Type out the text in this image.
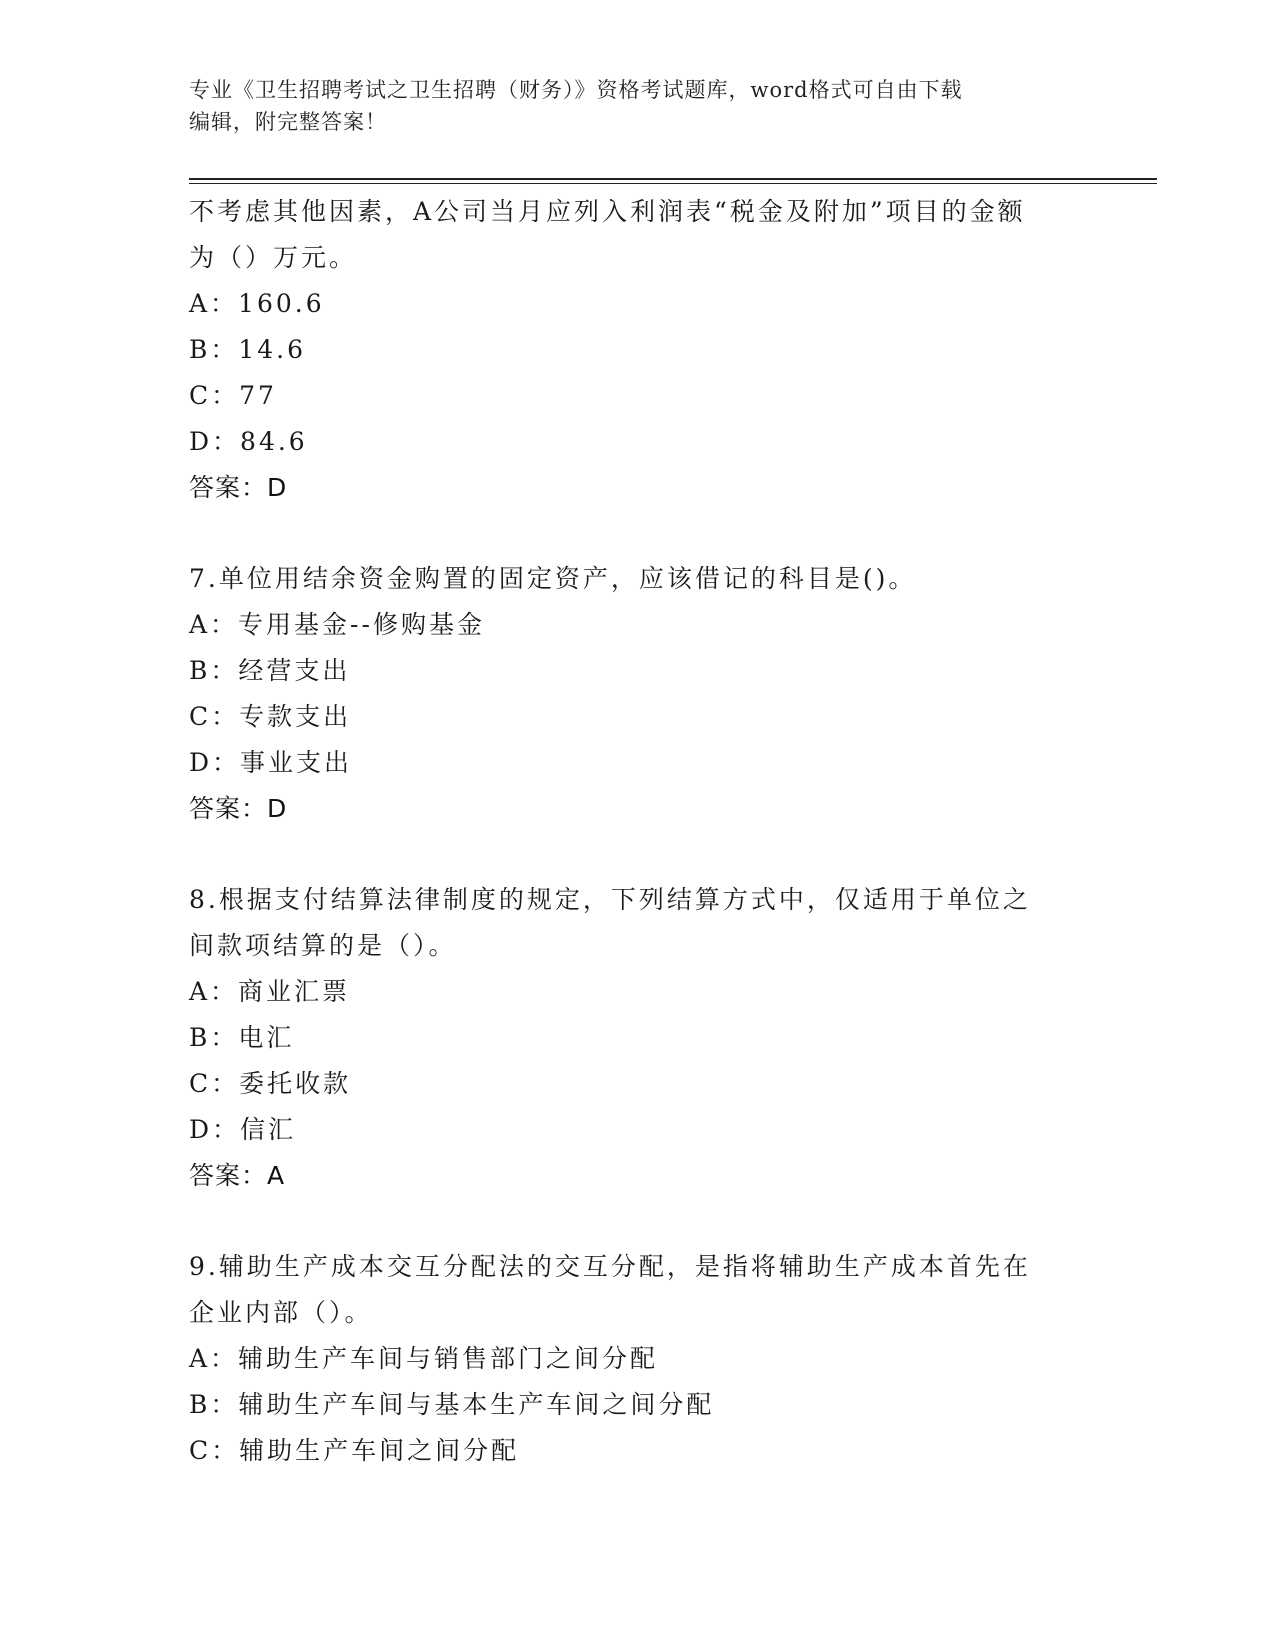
专业《卫生招聘考试之卫生招聘（财务）》资格考试题库，word格式可自由下载
编辑，附完整答案！
不考虑其他因素，A公司当月应列入利润表“税金及附加”项目的金额
为（）万元。
A：160.6
B：14.6
C：77
D：84.6
答案：D
7.单位用结余资金购置的固定资产，应该借记的科目是()。
A：专用基金--修购基金
B：经营支出
C：专款支出
D：事业支出
答案：D
8.根据支付结算法律制度的规定，下列结算方式中，仅适用于单位之
间款项结算的是（）。
A：商业汇票
B：电汇
C：委托收款
D：信汇
答案：A
9.辅助生产成本交互分配法的交互分配，是指将辅助生产成本首先在
企业内部（）。
A：辅助生产车间与销售部门之间分配
B：辅助生产车间与基本生产车间之间分配
C：辅助生产车间之间分配
